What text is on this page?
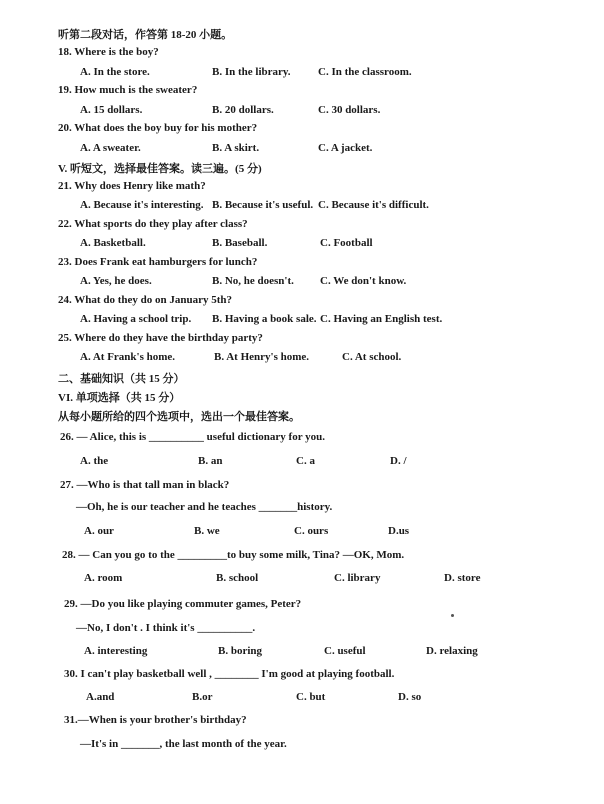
听第二段对话，作答第 18-20 小题。
18. Where is the boy?
A. In the store.	B. In the library. C. In the classroom.
19. How much is the sweater?
A. 15 dollars.	B. 20 dollars.	C. 30 dollars.
20. What does the boy buy for his mother?
A. A sweater.	B. A skirt.	C. A jacket.
V. 听短文，选择最佳答案。读三遍。(5 分)
21. Why does Henry like math?
A. Because it's interesting. B. Because it's useful. C. Because it's difficult.
22. What sports do they play after class?
A. Basketball.	B. Baseball.	C. Football
23. Does Frank eat hamburgers for lunch?
A. Yes, he does.	B. No, he doesn't. C. We don't know.
24. What do they do on January 5th?
A. Having a school trip. B. Having a book sale. C. Having an English test.
25. Where do they have the birthday party?
A. At Frank's home.	B. At Henry's home.	C. At school.
二、基础知识（共 15 分）
VI. 单项选择（共 15 分）
从每小题所给的四个选项中，选出一个最佳答案。
26. — Alice, this is __________ useful dictionary for you.
A. the	B. an	C. a	D. /
27. —Who is that tall man in black?
—Oh, he is our teacher and he teaches _______history.
A. our	B. we	C. ours	D.us
28. — Can you go to the _________to buy some milk, Tina? —OK, Mom.
A. room	B. school	C. library	D. store
29. —Do you like playing commuter games, Peter?
—No, I don't . I think it's __________.
A. interesting	B. boring	C. useful	D. relaxing
30. I can't play basketball well , ________ I'm good at playing football.
A.and	B.or	C. but	D. so
31.—When is your brother's birthday?
—It's in _______, the last month of the year.
